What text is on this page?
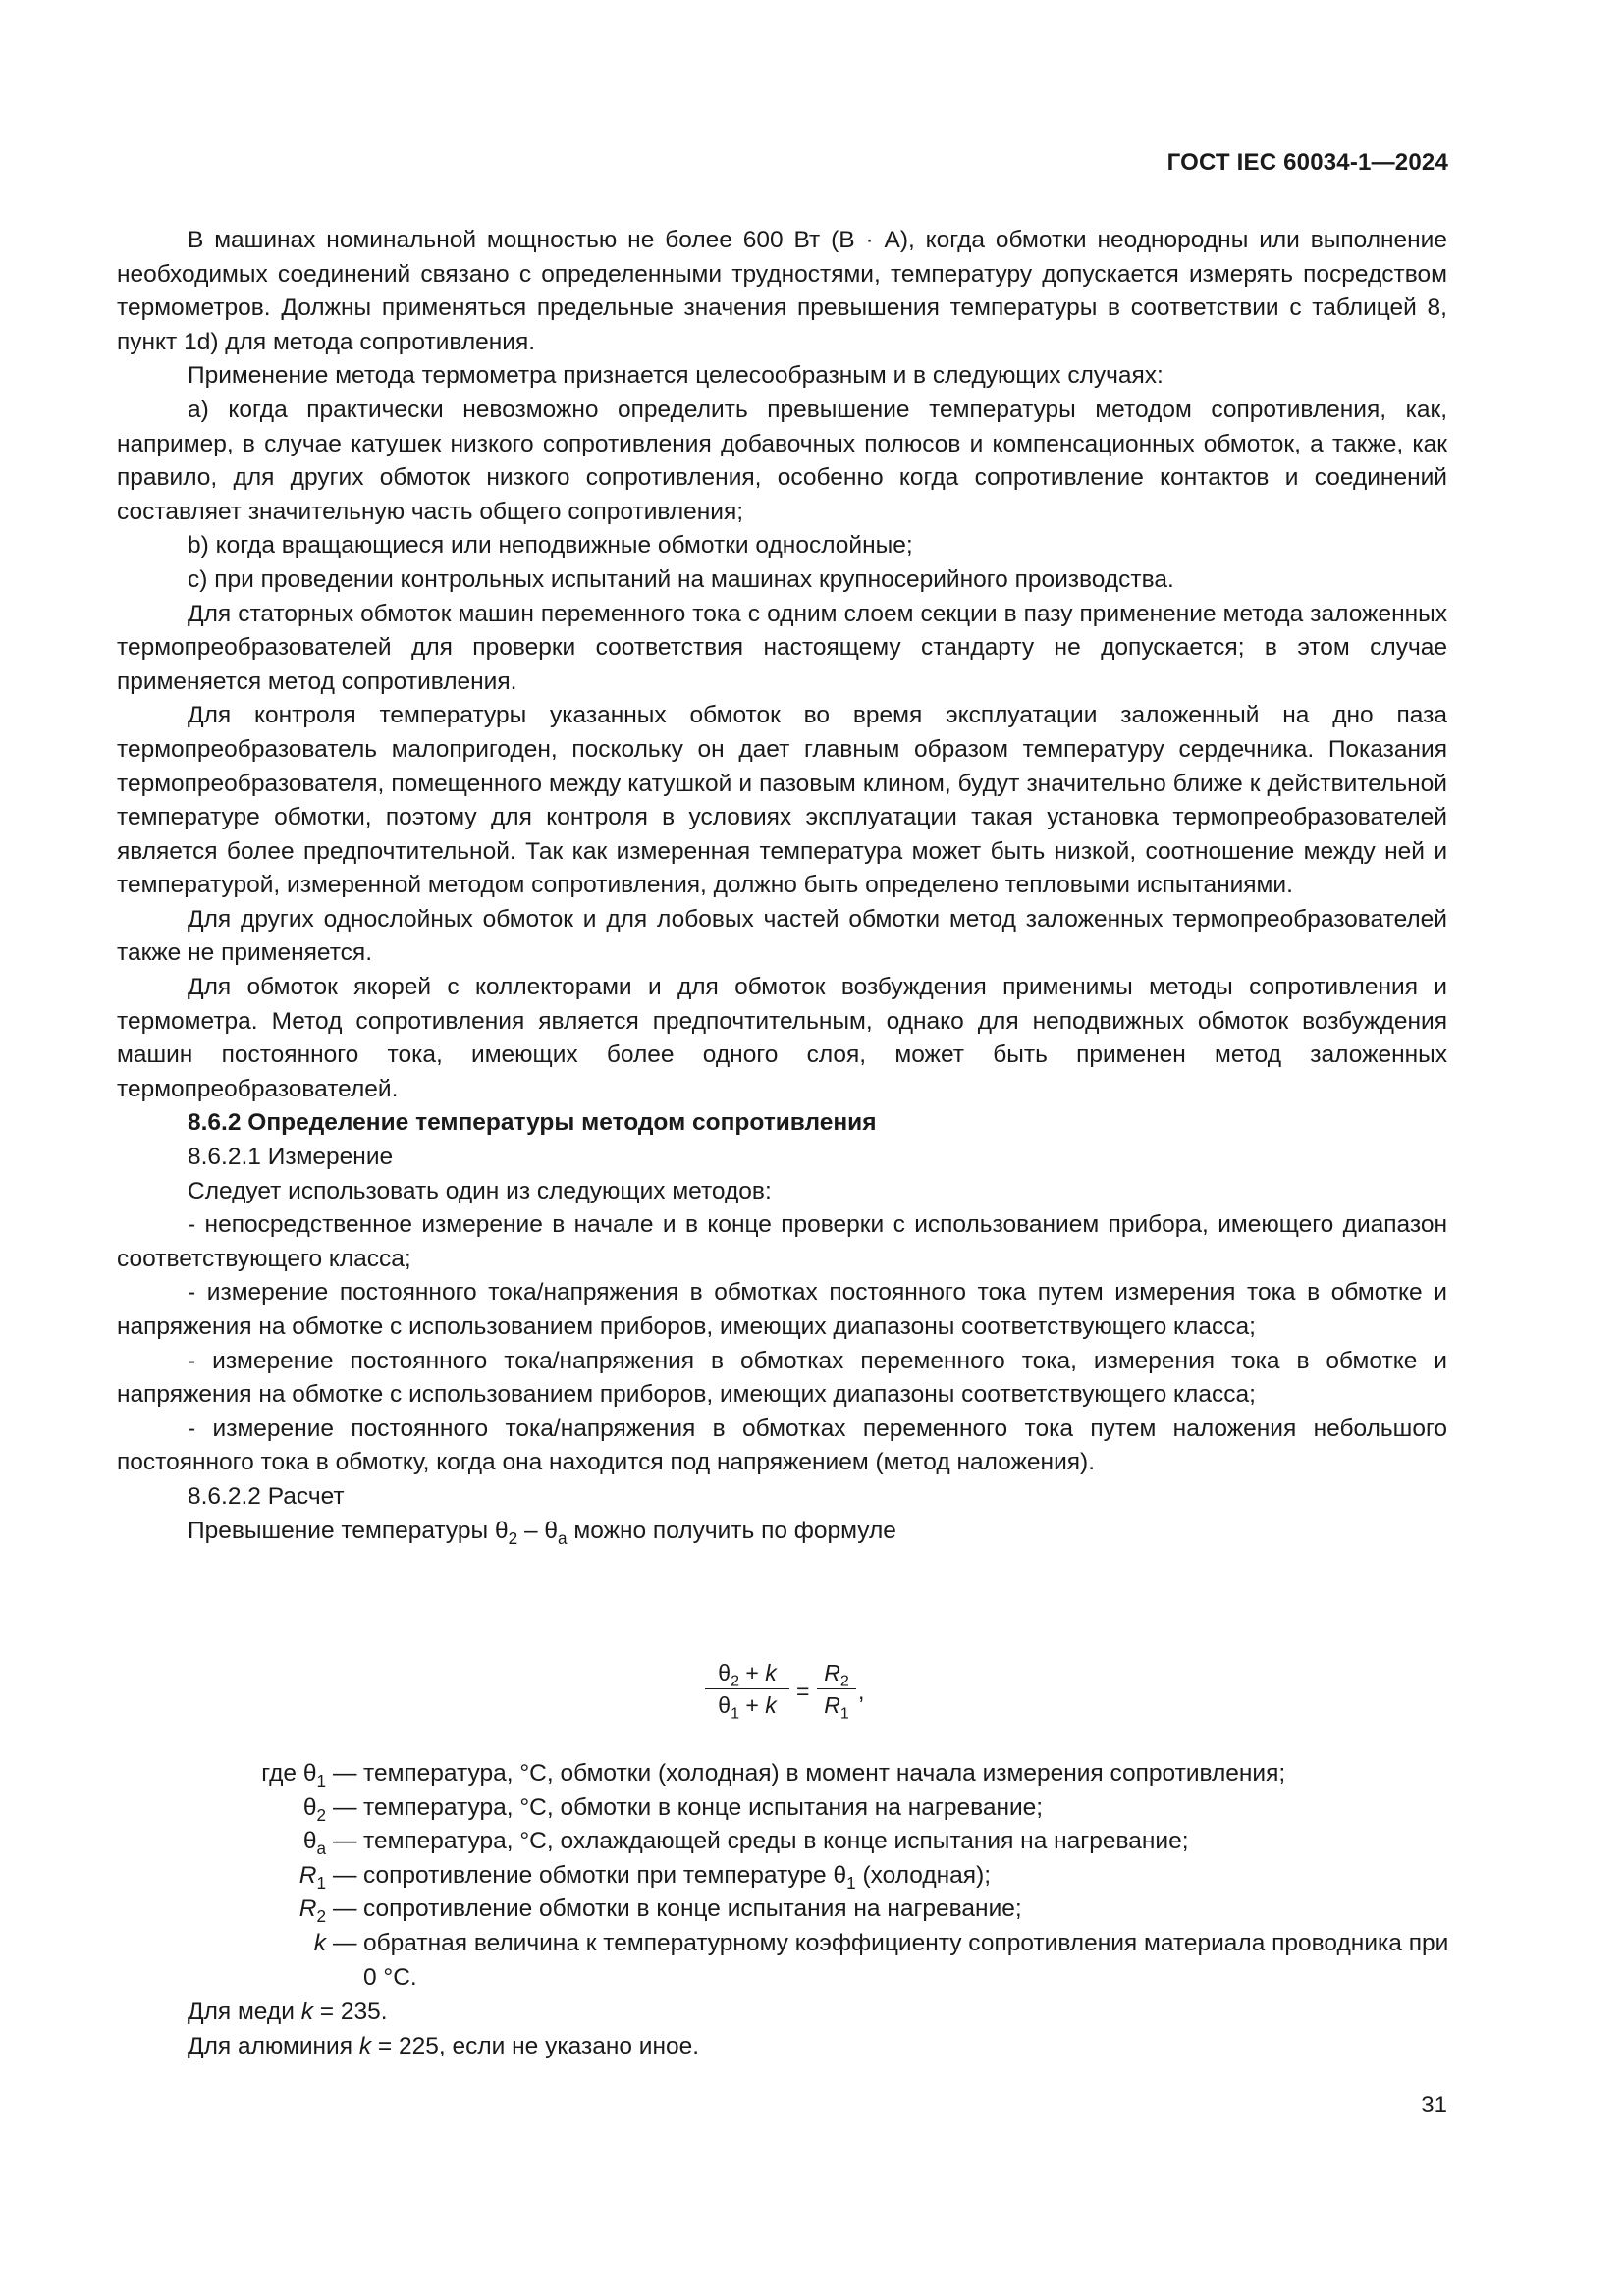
ГОСТ IEC 60034-1—2024

В машинах номинальной мощностью не более 600 Вт (В · А), когда обмотки неоднородны или выполнение необходимых соединений связано с определенными трудностями, температуру допускается измерять посредством термометров. Должны применяться предельные значения превышения температуры в соответствии с таблицей 8, пункт 1d) для метода сопротивления.

Применение метода термометра признается целесообразным и в следующих случаях:

a) когда практически невозможно определить превышение температуры методом сопротивления, как, например, в случае катушек низкого сопротивления добавочных полюсов и компенсационных обмоток, а также, как правило, для других обмоток низкого сопротивления, особенно когда сопротивление контактов и соединений составляет значительную часть общего сопротивления;

b) когда вращающиеся или неподвижные обмотки однослойные;

c) при проведении контрольных испытаний на машинах крупносерийного производства.

Для статорных обмоток машин переменного тока с одним слоем секции в пазу применение метода заложенных термопреобразователей для проверки соответствия настоящему стандарту не допускается; в этом случае применяется метод сопротивления.

Для контроля температуры указанных обмоток во время эксплуатации заложенный на дно паза термопреобразователь малопригоден, поскольку он дает главным образом температуру сердечника. Показания термопреобразователя, помещенного между катушкой и пазовым клином, будут значительно ближе к действительной температуре обмотки, поэтому для контроля в условиях эксплуатации такая установка термопреобразователей является более предпочтительной. Так как измеренная температура может быть низкой, соотношение между ней и температурой, измеренной методом сопротивления, должно быть определено тепловыми испытаниями.

Для других однослойных обмоток и для лобовых частей обмотки метод заложенных термопреобразователей также не применяется.

Для обмоток якорей с коллекторами и для обмоток возбуждения применимы методы сопротивления и термометра. Метод сопротивления является предпочтительным, однако для неподвижных обмоток возбуждения машин постоянного тока, имеющих более одного слоя, может быть применен метод заложенных термопреобразователей.

8.6.2 Определение температуры методом сопротивления

8.6.2.1 Измерение

Следует использовать один из следующих методов:

- непосредственное измерение в начале и в конце проверки с использованием прибора, имеющего диапазон соответствующего класса;

- измерение постоянного тока/напряжения в обмотках постоянного тока путем измерения тока в обмотке и напряжения на обмотке с использованием приборов, имеющих диапазоны соответствующего класса;

- измерение постоянного тока/напряжения в обмотках переменного тока, измерения тока в обмотке и напряжения на обмотке с использованием приборов, имеющих диапазоны соответствующего класса;

- измерение постоянного тока/напряжения в обмотках переменного тока путем наложения небольшого постоянного тока в обмотку, когда она находится под напряжением (метод наложения).

8.6.2.2 Расчет

Превышение температуры $\theta_2 - \theta_a$ можно получить по формуле

$\frac{\theta_2 + k}{\theta_1 + k} = \frac{R_2}{R_1}$ ,
где $\theta_1$ — температура, °С, обмотки (холодная) в момент начала измерения сопротивления;
$\theta_2$ — температура, °С, обмотки в конце испытания на нагревание;
$\theta_a$ — температура, °С, охлаждающей среды в конце испытания на нагревание;
$R_1$ — сопротивление обмотки при температуре $\theta_1$ (холодная);
$R_2$ — сопротивление обмотки в конце испытания на нагревание;
k — обратная величина к температурному коэффициенту сопротивления материала проводника при 0 °С.
Для меди k = 235.
Для алюминия k = 225, если не указано иное.
31
